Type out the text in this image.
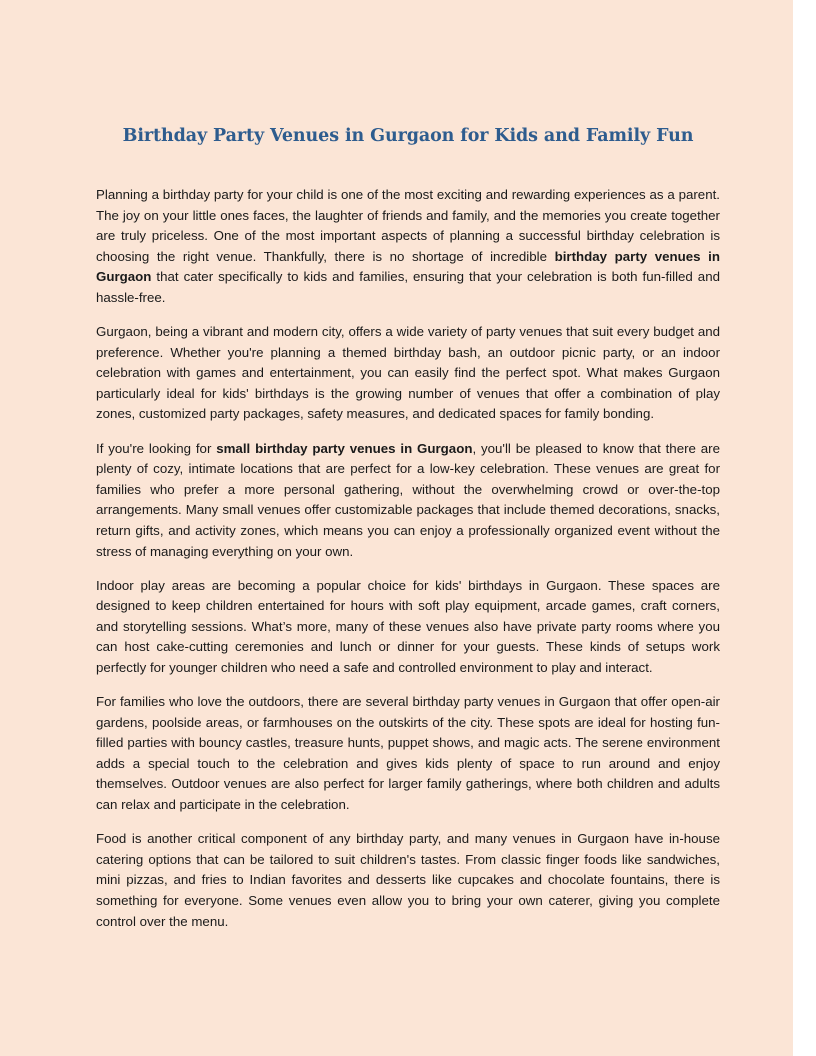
Birthday Party Venues in Gurgaon for Kids and Family Fun

Planning a birthday party for your child is one of the most exciting and rewarding experiences as a parent. The joy on your little ones faces, the laughter of friends and family, and the memories you create together are truly priceless. One of the most important aspects of planning a successful birthday celebration is choosing the right venue. Thankfully, there is no shortage of incredible birthday party venues in Gurgaon that cater specifically to kids and families, ensuring that your celebration is both fun-filled and hassle-free.

Gurgaon, being a vibrant and modern city, offers a wide variety of party venues that suit every budget and preference. Whether you're planning a themed birthday bash, an outdoor picnic party, or an indoor celebration with games and entertainment, you can easily find the perfect spot. What makes Gurgaon particularly ideal for kids' birthdays is the growing number of venues that offer a combination of play zones, customized party packages, safety measures, and dedicated spaces for family bonding.

If you're looking for small birthday party venues in Gurgaon, you'll be pleased to know that there are plenty of cozy, intimate locations that are perfect for a low-key celebration. These venues are great for families who prefer a more personal gathering, without the overwhelming crowd or over-the-top arrangements. Many small venues offer customizable packages that include themed decorations, snacks, return gifts, and activity zones, which means you can enjoy a professionally organized event without the stress of managing everything on your own.

Indoor play areas are becoming a popular choice for kids' birthdays in Gurgaon. These spaces are designed to keep children entertained for hours with soft play equipment, arcade games, craft corners, and storytelling sessions. What’s more, many of these venues also have private party rooms where you can host cake-cutting ceremonies and lunch or dinner for your guests. These kinds of setups work perfectly for younger children who need a safe and controlled environment to play and interact.

For families who love the outdoors, there are several birthday party venues in Gurgaon that offer open-air gardens, poolside areas, or farmhouses on the outskirts of the city. These spots are ideal for hosting fun-filled parties with bouncy castles, treasure hunts, puppet shows, and magic acts. The serene environment adds a special touch to the celebration and gives kids plenty of space to run around and enjoy themselves. Outdoor venues are also perfect for larger family gatherings, where both children and adults can relax and participate in the celebration.

Food is another critical component of any birthday party, and many venues in Gurgaon have in-house catering options that can be tailored to suit children's tastes. From classic finger foods like sandwiches, mini pizzas, and fries to Indian favorites and desserts like cupcakes and chocolate fountains, there is something for everyone. Some venues even allow you to bring your own caterer, giving you complete control over the menu.
